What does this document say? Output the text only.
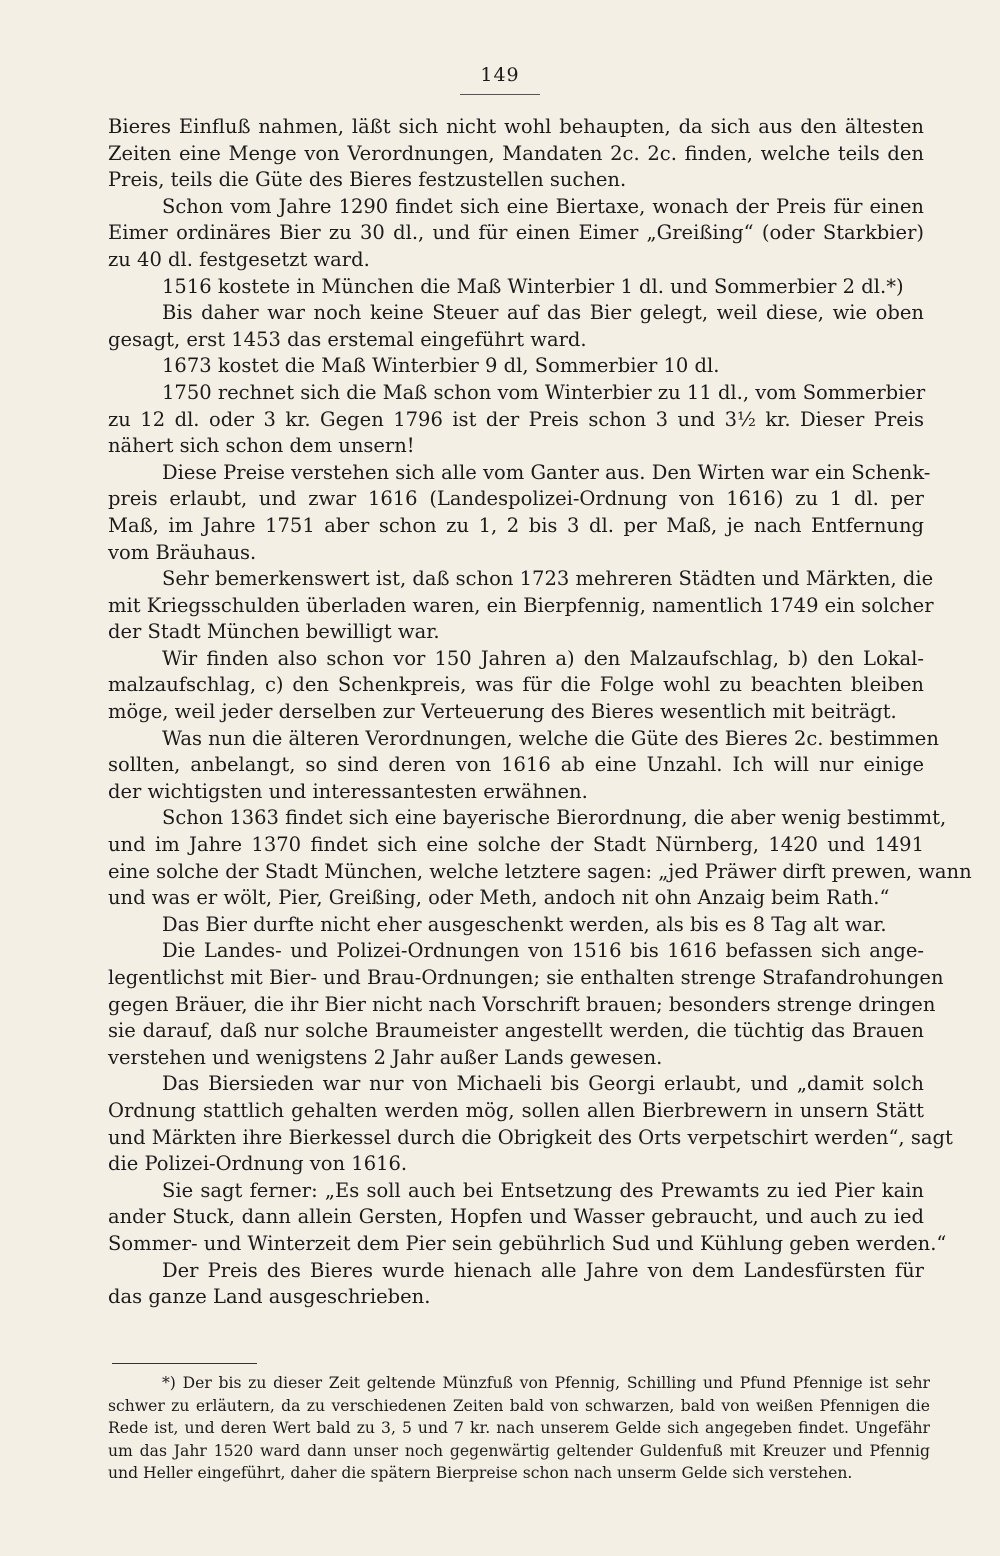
149
Bieres Einfluß nahmen, läßt sich nicht wohl behaupten, da sich aus den ältesten
Zeiten eine Menge von Verordnungen, Mandaten 2c. 2c. finden, welche teils den
Preis, teils die Güte des Bieres festzustellen suchen.
Schon vom Jahre 1290 findet sich eine Biertaxe, wonach der Preis für einen
Eimer ordinäres Bier zu 30 dl., und für einen Eimer „Greißing“ (oder Starkbier)
zu 40 dl. festgesetzt ward.
1516 kostete in München die Maß Winterbier 1 dl. und Sommerbier 2 dl.*)
Bis daher war noch keine Steuer auf das Bier gelegt, weil diese, wie oben
gesagt, erst 1453 das erstemal eingeführt ward.
1673 kostet die Maß Winterbier 9 dl, Sommerbier 10 dl.
1750 rechnet sich die Maß schon vom Winterbier zu 11 dl., vom Sommerbier
zu 12 dl. oder 3 kr. Gegen 1796 ist der Preis schon 3 und 3½ kr. Dieser Preis
nähert sich schon dem unsern!
Diese Preise verstehen sich alle vom Ganter aus. Den Wirten war ein Schenk-
preis erlaubt, und zwar 1616 (Landespolizei-Ordnung von 1616) zu 1 dl. per
Maß, im Jahre 1751 aber schon zu 1, 2 bis 3 dl. per Maß, je nach Entfernung
vom Bräuhaus.
Sehr bemerkenswert ist, daß schon 1723 mehreren Städten und Märkten, die
mit Kriegsschulden überladen waren, ein Bierpfennig, namentlich 1749 ein solcher
der Stadt München bewilligt war.
Wir finden also schon vor 150 Jahren a) den Malzaufschlag, b) den Lokal-
malzaufschlag, c) den Schenkpreis, was für die Folge wohl zu beachten bleiben
möge, weil jeder derselben zur Verteuerung des Bieres wesentlich mit beiträgt.
Was nun die älteren Verordnungen, welche die Güte des Bieres 2c. bestimmen
sollten, anbelangt, so sind deren von 1616 ab eine Unzahl. Ich will nur einige
der wichtigsten und interessantesten erwähnen.
Schon 1363 findet sich eine bayerische Bierordnung, die aber wenig bestimmt,
und im Jahre 1370 findet sich eine solche der Stadt Nürnberg, 1420 und 1491
eine solche der Stadt München, welche letztere sagen: „jed Präwer dirft prewen, wann
und was er wölt, Pier, Greißing, oder Meth, andoch nit ohn Anzaig beim Rath.“
Das Bier durfte nicht eher ausgeschenkt werden, als bis es 8 Tag alt war.
Die Landes- und Polizei-Ordnungen von 1516 bis 1616 befassen sich ange-
legentlichst mit Bier- und Brau-Ordnungen; sie enthalten strenge Strafandrohungen
gegen Bräuer, die ihr Bier nicht nach Vorschrift brauen; besonders strenge dringen
sie darauf, daß nur solche Braumeister angestellt werden, die tüchtig das Brauen
verstehen und wenigstens 2 Jahr außer Lands gewesen.
Das Biersieden war nur von Michaeli bis Georgi erlaubt, und „damit solch
Ordnung stattlich gehalten werden mög, sollen allen Bierbrewern in unsern Stätt
und Märkten ihre Bierkessel durch die Obrigkeit des Orts verpetschirt werden“, sagt
die Polizei-Ordnung von 1616.
Sie sagt ferner: „Es soll auch bei Entsetzung des Prewamts zu ied Pier kain
ander Stuck, dann allein Gersten, Hopfen und Wasser gebraucht, und auch zu ied
Sommer- und Winterzeit dem Pier sein gebührlich Sud und Kühlung geben werden.“
Der Preis des Bieres wurde hienach alle Jahre von dem Landesfürsten für
das ganze Land ausgeschrieben.
*) Der bis zu dieser Zeit geltende Münzfuß von Pfennig, Schilling und Pfund Pfennige ist sehr
schwer zu erläutern, da zu verschiedenen Zeiten bald von schwarzen, bald von weißen Pfennigen die
Rede ist, und deren Wert bald zu 3, 5 und 7 kr. nach unserem Gelde sich angegeben findet. Ungefähr
um das Jahr 1520 ward dann unser noch gegenwärtig geltender Guldenfuß mit Kreuzer und Pfennig
und Heller eingeführt, daher die spätern Bierpreise schon nach unserm Gelde sich verstehen.
